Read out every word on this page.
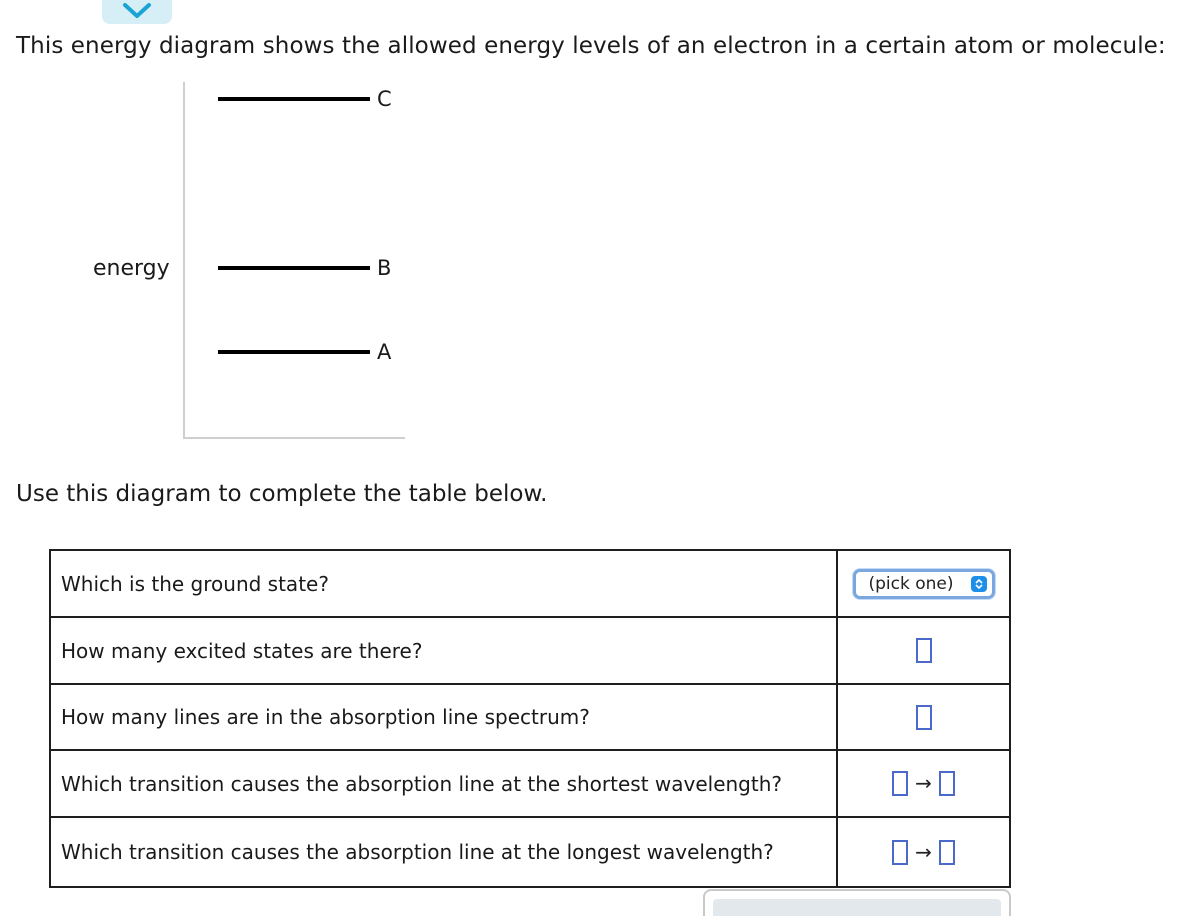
This energy diagram shows the allowed energy levels of an electron in a certain atom or molecule:
energy
C
B
A
Use this diagram to complete the table below.
Which is the ground state?	(pick one)

How many excited states are there?	
How many lines are in the absorption line spectrum?	
Which transition causes the absorption line at the shortest wavelength?	→
Which transition causes the absorption line at the longest wavelength?	→
